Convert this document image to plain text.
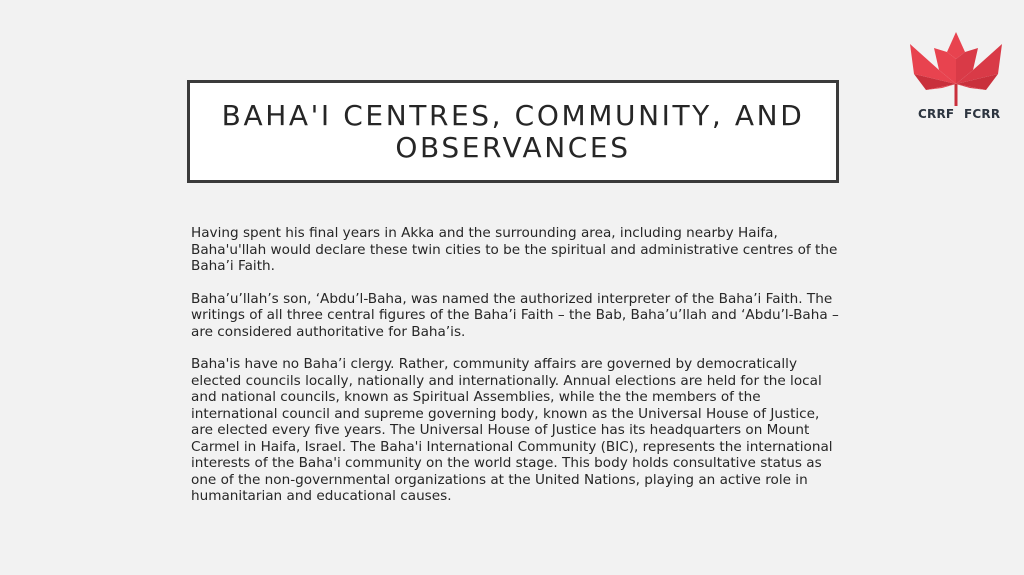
BAHA'I CENTRES, COMMUNITY, AND OBSERVANCES

Having spent his final years in Akka and the surrounding area, including nearby Haifa, Baha'u'llah would declare these twin cities to be the spiritual and administrative centres of the Baha’i Faith.

Baha’u’llah’s son, ‘Abdu’l-Baha, was named the authorized interpreter of the Baha’i Faith. The writings of all three central figures of the Baha’i Faith – the Bab, Baha’u’llah and ‘Abdu’l-Baha – are considered authoritative for Baha’is.

Baha'is have no Baha’i clergy. Rather, community affairs are governed by democratically elected councils locally, nationally and internationally. Annual elections are held for the local and national councils, known as Spiritual Assemblies, while the the members of the international council and supreme governing body, known as the Universal House of Justice, are elected every five years. The Universal House of Justice has its headquarters on Mount Carmel in Haifa, Israel. The Baha'i International Community (BIC), represents the international interests of the Baha'i community on the world stage. This body holds consultative status as one of the non-governmental organizations at the United Nations, playing an active role in humanitarian and educational causes.

CRRF FCRR
